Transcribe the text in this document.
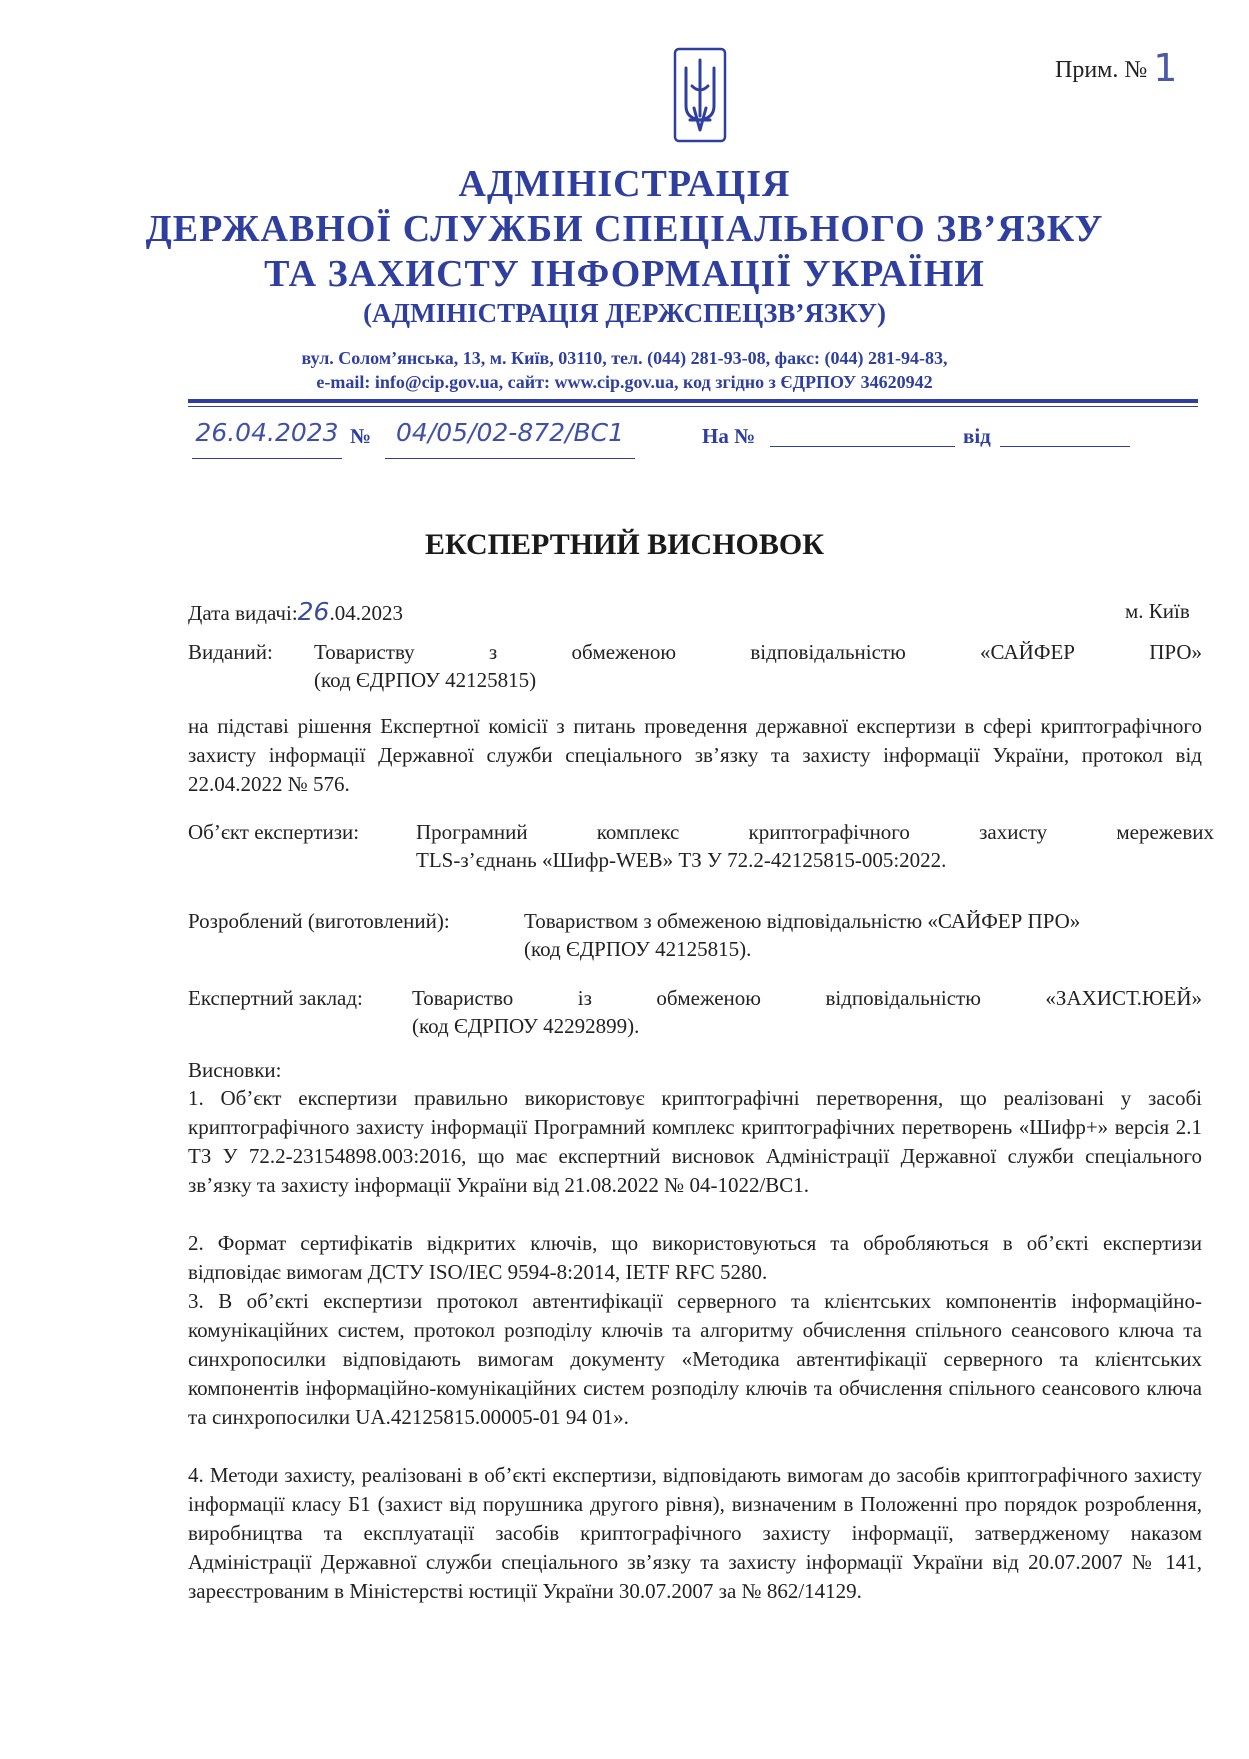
Прим. № 1
АДМІНІСТРАЦІЯ
ДЕРЖАВНОЇ СЛУЖБИ СПЕЦІАЛЬНОГО ЗВ’ЯЗКУ
ТА ЗАХИСТУ ІНФОРМАЦІЇ УКРАЇНИ
(АДМІНІСТРАЦІЯ ДЕРЖСПЕЦЗВ’ЯЗКУ)
вул. Солом’янська, 13, м. Київ, 03110, тел. (044) 281-93-08, факс: (044) 281-94-83,
e-mail: info@cip.gov.ua, сайт: www.cip.gov.ua, код згідно з ЄДРПОУ 34620942
26.04.2023 № 04/05/02-872/ВС1	На №	від
ЕКСПЕРТНИЙ ВИСНОВОК
Дата видачі:26.04.2023	м. Київ
Виданий: Товариству з обмеженою відповідальністю «САЙФЕР ПРО»
(код ЄДРПОУ 42125815)
на підставі рішення Експертної комісії з питань проведення державної експертизи в сфері криптографічного захисту інформації Державної служби спеціального зв’язку та захисту інформації України, протокол від 22.04.2022 № 576.
Об’єкт експертизи:	Програмний комплекс криптографічного захисту мережевих
TLS-з’єднань «Шифр-WEB» ТЗ У 72.2-42125815-005:2022.
Розроблений (виготовлений):	Товариством з обмеженою відповідальністю «САЙФЕР ПРО»
(код ЄДРПОУ 42125815).
Експертний заклад: Товариство із обмеженою відповідальністю «ЗАХИСТ.ЮЕЙ»
(код ЄДРПОУ 42292899).
Висновки:
1. Об’єкт експертизи правильно використовує криптографічні перетворення, що реалізовані у засобі криптографічного захисту інформації Програмний комплекс криптографічних перетворень «Шифр+» версія 2.1 ТЗ У 72.2-23154898.003:2016, що має експертний висновок Адміністрації Державної служби спеціального зв’язку та захисту інформації України від 21.08.2022 № 04-1022/ВС1.
2. Формат сертифікатів відкритих ключів, що використовуються та обробляються в об’єкті експертизи відповідає вимогам ДСТУ ISO/IEC 9594-8:2014, IETF RFC 5280.
3. В об’єкті експертизи протокол автентифікації серверного та клієнтських компонентів інформаційно-комунікаційних систем, протокол розподілу ключів та алгоритму обчислення спільного сеансового ключа та синхропосилки відповідають вимогам документу «Методика автентифікації серверного та клієнтських компонентів інформаційно-комунікаційних систем розподілу ключів та обчислення спільного сеансового ключа та синхропосилки UA.42125815.00005-01 94 01».
4. Методи захисту, реалізовані в об’єкті експертизи, відповідають вимогам до засобів криптографічного захисту інформації класу Б1 (захист від порушника другого рівня), визначеним в Положенні про порядок розроблення, виробництва та експлуатації засобів криптографічного захисту інформації, затвердженому наказом Адміністрації Державної служби спеціального зв’язку та захисту інформації України від 20.07.2007 № 141, зареєстрованим в Міністерстві юстиції України 30.07.2007 за № 862/14129.
